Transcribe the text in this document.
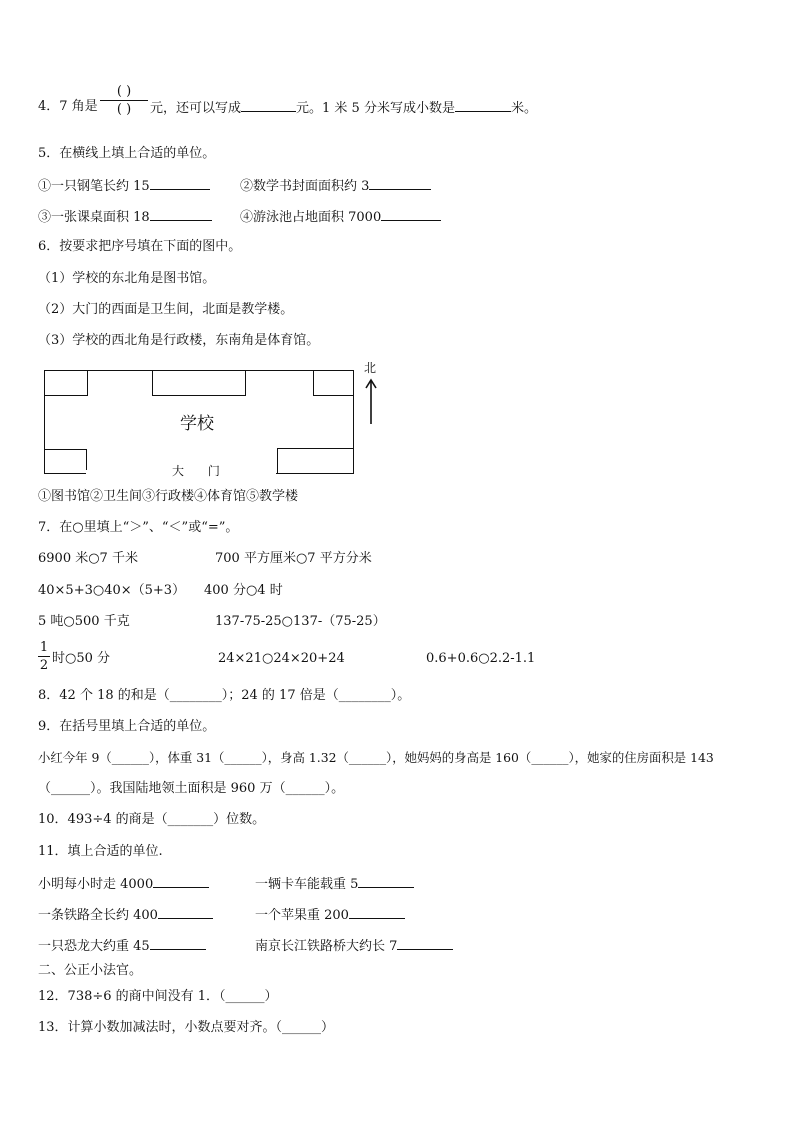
4．7 角是
( )
( )	元，还可以写成	元。1 米 5 分米写成小数是	米。
5．在横线上填上合适的单位。
①一只钢笔长约 15	②数学书封面面积约 3
③一张课桌面积 18	④游泳池占地面积 7000
6．按要求把序号填在下面的图中。
（1）学校的东北角是图书馆。
（2）大门的西面是卫生间，北面是教学楼。
（3）学校的西北角是行政楼，东南角是体育馆。
学校
大 门
北
①图书馆②卫生间③行政楼④体育馆⑤教学楼
7．在○里填上“＞”、“＜”或“=”。
6900 米○7 千米	700 平方厘米○7 平方分米
40×5+3○40×（5+3） 400 分○4 时
5 吨○500 千克	137-75-25○137-（75-25）
1
2 时○50 分	24×21○24×20+24	0.6+0.6○2.2-1.1
8．42 个 18 的和是（________）；24 的 17 倍是（________）。
9．在括号里填上合适的单位。
小红今年 9（______），体重 31（______），身高 1.32（______），她妈妈的身高是 160（______），她家的住房面积是 143
（______）。我国陆地领土面积是 960 万（______）。
10．493÷4 的商是（_______）位数。
11．填上合适的单位.
小明每小时走 4000	一辆卡车能载重 5
一条铁路全长约 400	一个苹果重 200
一只恐龙大约重 45	南京长江铁路桥大约长 7
二、公正小法官。
12．738÷6 的商中间没有 1．（______）
13．计算小数加减法时，小数点要对齐。（______）
